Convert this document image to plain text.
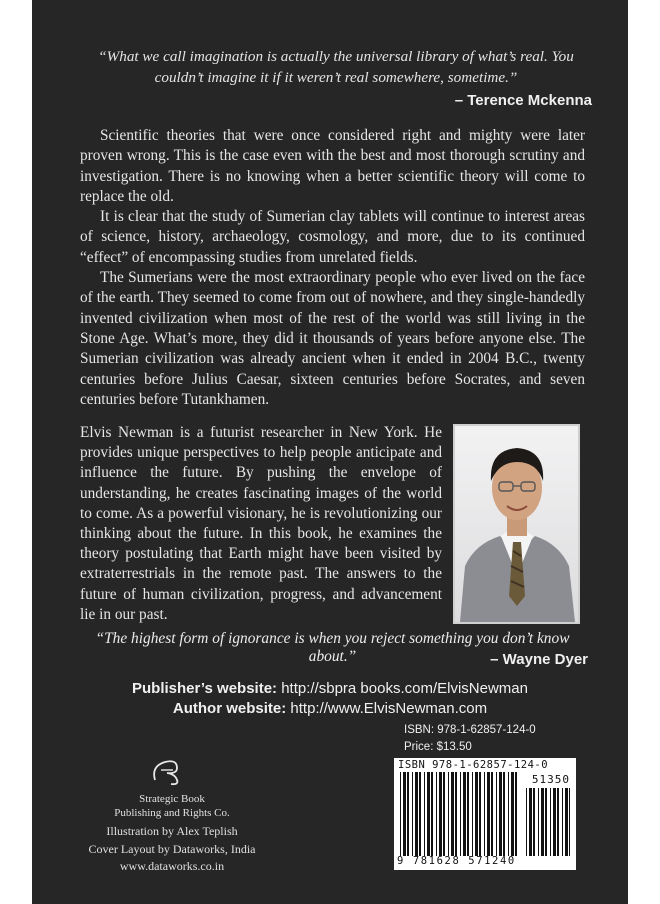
“What we call imagination is actually the universal library of what’s real. You couldn’t imagine it if it weren’t real somewhere, sometime.”
– Terence Mckenna

Scientific theories that were once considered right and mighty were later proven wrong. This is the case even with the best and most thorough scrutiny and investigation. There is no knowing when a better scientific theory will come to replace the old.

It is clear that the study of Sumerian clay tablets will continue to interest areas of science, history, archaeology, cosmology, and more, due to its continued “effect” of encompassing studies from unrelated fields.

The Sumerians were the most extraordinary people who ever lived on the face of the earth. They seemed to come from out of nowhere, and they single-handedly invented civilization when most of the rest of the world was still living in the Stone Age. What’s more, they did it thousands of years before anyone else. The Sumerian civilization was already ancient when it ended in 2004 B.C., twenty centuries before Julius Caesar, sixteen centuries before Socrates, and seven centuries before Tutankhamen.

Elvis Newman is a futurist researcher in New York. He provides unique perspectives to help people anticipate and influence the future. By pushing the envelope of understanding, he creates fascinating images of the world to come. As a powerful visionary, he is revolutionizing our thinking about the future. In this book, he examines the theory postulating that Earth might have been visited by extraterrestrials in the remote past. The answers to the future of human civilization, progress, and advancement lie in our past.

“The highest form of ignorance is when you reject something you don’t know about.”	– Wayne Dyer
Publisher’s website: http://sbpra books.com/ElvisNewman
Author website: http://www.ElvisNewman.com
Strategic Book
Publishing and Rights Co.
Illustration by Alex Teplish
Cover Layout by Dataworks, India
www.dataworks.co.in
ISBN: 978-1-62857-124-0
Price: $13.50
ISBN 978-1-62857-124-0
51350
9 781628 571240
